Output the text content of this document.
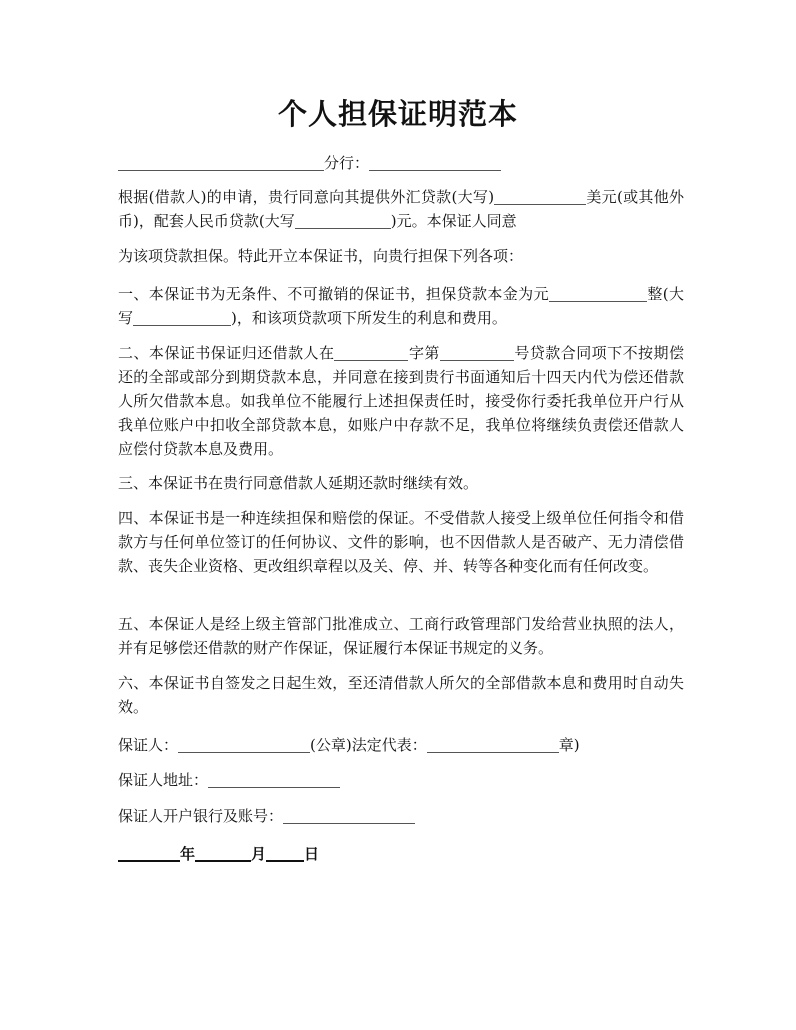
个人担保证明范本
分行：
根据(借款人)的申请，贵行同意向其提供外汇贷款(大写)	美元(或其他外币)，配套人民币贷款(大写	)元。本保证人同意
为该项贷款担保。特此开立本保证书，向贵行担保下列各项：
一、本保证书为无条件、不可撤销的保证书，担保贷款本金为元	整(大写	)，和该项贷款项下所发生的利息和费用。
二、本保证书保证归还借款人在	字第	号贷款合同项下不按期偿还的全部或部分到期贷款本息，并同意在接到贵行书面通知后十四天内代为偿还借款人所欠借款本息。如我单位不能履行上述担保责任时，接受你行委托我单位开户行从我单位账户中扣收全部贷款本息，如账户中存款不足，我单位将继续负责偿还借款人应偿付贷款本息及费用。
三、本保证书在贵行同意借款人延期还款时继续有效。
四、本保证书是一种连续担保和赔偿的保证。不受借款人接受上级单位任何指令和借款方与任何单位签订的任何协议、文件的影响，也不因借款人是否破产、无力清偿借款、丧失企业资格、更改组织章程以及关、停、并、转等各种变化而有任何改变。
五、本保证人是经上级主管部门批准成立、工商行政管理部门发给营业执照的法人，并有足够偿还借款的财产作保证，保证履行本保证书规定的义务。
六、本保证书自签发之日起生效，至还清借款人所欠的全部借款本息和费用时自动失效。
保证人：	(公章)法定代表：	章)
保证人地址：
保证人开户银行及账号：
年	月	日
